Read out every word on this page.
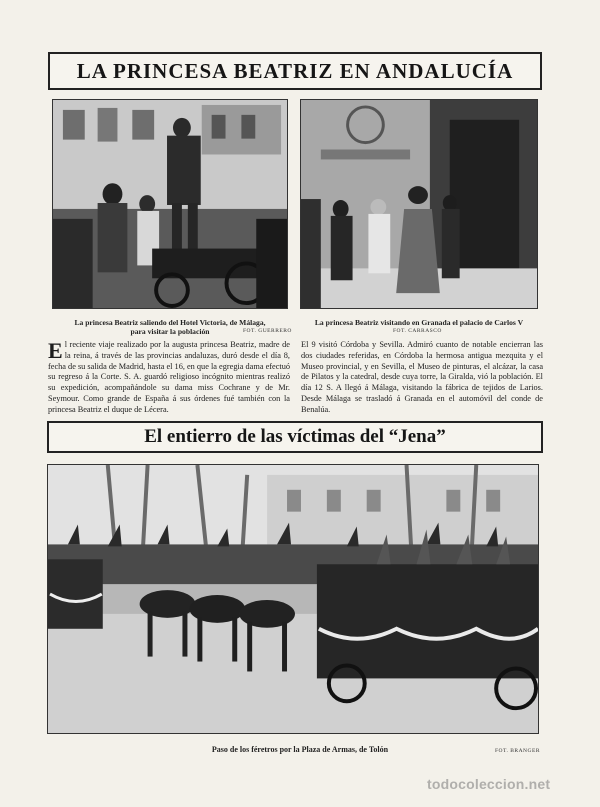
LA PRINCESA BEATRIZ EN ANDALUCÍA
La princesa Beatriz saliendo del Hotel Victoria, de Málaga,
para visitar la población	FOT. GUERRERO
La princesa Beatriz visitando en Granada el palacio de Carlos V
FOT. CARRASCO
El reciente viaje realizado por la augusta princesa Beatriz, madre de la reina, á través de las provincias andaluzas, duró desde el día 8, fecha de su salida de Madrid, hasta el 16, en que la egregia dama efectuó su regreso á la Corte. S. A. guardó religioso incógnito mientras realizó su expedición, acompañándole su dama miss Cochrane y de Mr. Seymour. Como grande de España á sus órdenes fué también con la princesa Beatriz el duque de Lécera.
El 9 visitó Córdoba y Sevilla. Admiró cuanto de notable encierran las dos ciudades referidas, en Córdoba la hermosa antigua mezquita y el Museo provincial, y en Sevilla, el Museo de pinturas, el alcázar, la casa de Pilatos y la catedral, desde cuya torre, la Giralda, vió la población. El día 12 S. A llegó á Málaga, visitando la fábrica de tejidos de Larios. Desde Málaga se trasladó á Granada en el automóvil del conde de Benalúa.
El entierro de las víctimas del “Jena”
Paso de los féretros por la Plaza de Armas, de Tolón	FOT. BRANGER
todocoleccion.net
